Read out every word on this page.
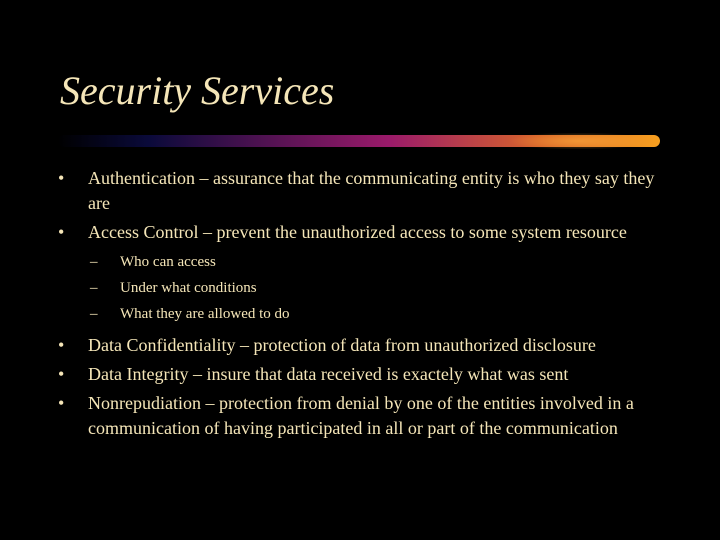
Security Services
•	Authentication – assurance that the communicating entity is who they say they are
•	Access Control – prevent the unauthorized access to some system resource
– Who can access
– Under what conditions
– What they are allowed to do
•	Data Confidentiality – protection of data from unauthorized disclosure
•	Data Integrity – insure that data received is exactely what was sent
•	Nonrepudiation – protection from denial by one of the entities involved in a communication of having participated in all or part of the communication
